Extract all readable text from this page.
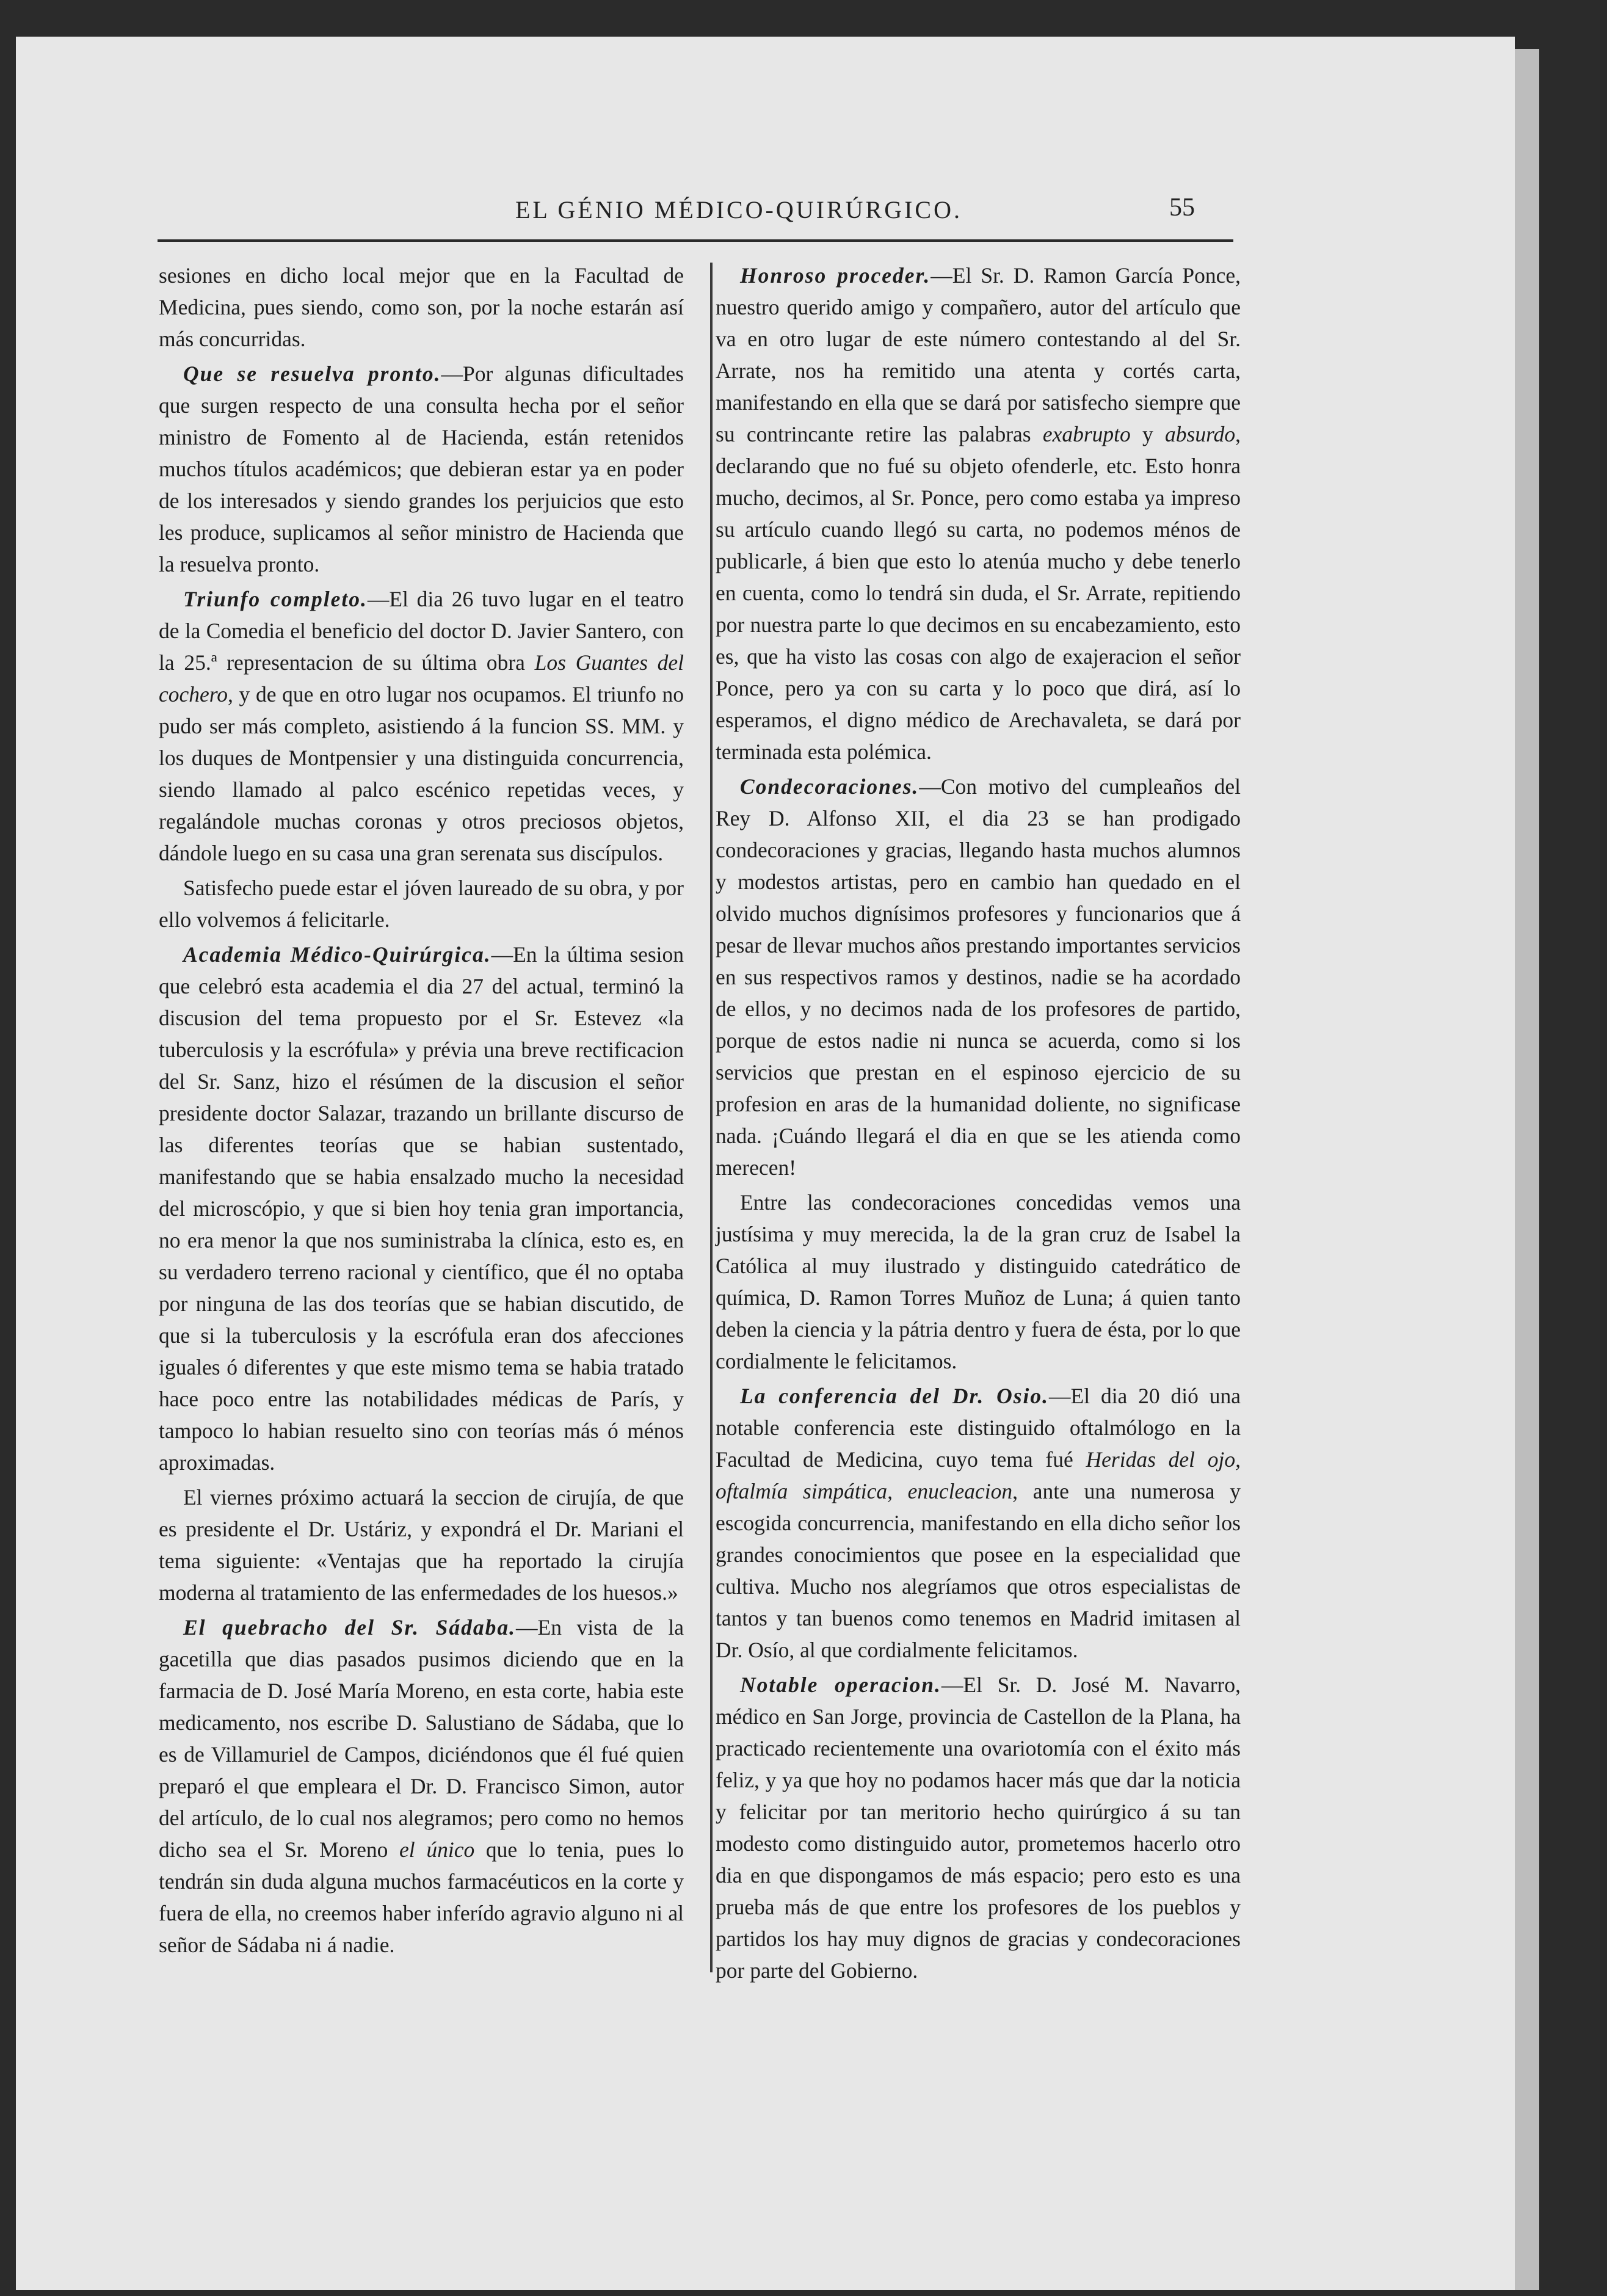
EL GÉNIO MÉDICO-QUIRÚRGICO.	55

sesiones en dicho local mejor que en la Facultad de Medicina, pues siendo, como son, por la noche estarán así más concurridas.

Que se resuelva pronto.—Por algunas dificultades que surgen respecto de una consulta hecha por el señor ministro de Fomento al de Hacienda, están retenidos muchos títulos académicos; que debieran estar ya en poder de los interesados y siendo grandes los perjuicios que esto les produce, suplicamos al señor ministro de Hacienda que la resuelva pronto.

Triunfo completo.—El dia 26 tuvo lugar en el teatro de la Comedia el beneficio del doctor D. Javier Santero, con la 25.ª representacion de su última obra Los Guantes del cochero, y de que en otro lugar nos ocupamos. El triunfo no pudo ser más completo, asistiendo á la funcion SS. MM. y los duques de Montpensier y una distinguida concurrencia, siendo llamado al palco escénico repetidas veces, y regalándole muchas coronas y otros preciosos objetos, dándole luego en su casa una gran serenata sus discípulos.

Satisfecho puede estar el jóven laureado de su obra, y por ello volvemos á felicitarle.

Academia Médico-Quirúrgica.—En la última sesion que celebró esta academia el dia 27 del actual, terminó la discusion del tema propuesto por el Sr. Estevez «la tuberculosis y la escrófula» y prévia una breve rectificacion del Sr. Sanz, hizo el résúmen de la discusion el señor presidente doctor Salazar, trazando un brillante discurso de las diferentes teorías que se habian sustentado, manifestando que se habia ensalzado mucho la necesidad del microscópio, y que si bien hoy tenia gran importancia, no era menor la que nos suministraba la clínica, esto es, en su verdadero terreno racional y científico, que él no optaba por ninguna de las dos teorías que se habian discutido, de que si la tuberculosis y la escrófula eran dos afecciones iguales ó diferentes y que este mismo tema se habia tratado hace poco entre las notabilidades médicas de París, y tampoco lo habian resuelto sino con teorías más ó ménos aproximadas.

El viernes próximo actuará la seccion de cirujía, de que es presidente el Dr. Ustáriz, y expondrá el Dr. Mariani el tema siguiente: «Ventajas que ha reportado la cirujía moderna al tratamiento de las enfermedades de los huesos.»

El quebracho del Sr. Sádaba.—En vista de la gacetilla que dias pasados pusimos diciendo que en la farmacia de D. José María Moreno, en esta corte, habia este medicamento, nos escribe D. Salustiano de Sádaba, que lo es de Villamuriel de Campos, diciéndonos que él fué quien preparó el que empleara el Dr. D. Francisco Simon, autor del artículo, de lo cual nos alegramos; pero como no hemos dicho sea el Sr. Moreno el único que lo tenia, pues lo tendrán sin duda alguna muchos farmacéuticos en la corte y fuera de ella, no creemos haber inferído agravio alguno ni al señor de Sádaba ni á nadie.

Honroso proceder.—El Sr. D. Ramon García Ponce, nuestro querido amigo y compañero, autor del artículo que va en otro lugar de este número contestando al del Sr. Arrate, nos ha remitido una atenta y cortés carta, manifestando en ella que se dará por satisfecho siempre que su contrincante retire las palabras exabrupto y absurdo, declarando que no fué su objeto ofenderle, etc. Esto honra mucho, decimos, al Sr. Ponce, pero como estaba ya impreso su artículo cuando llegó su carta, no podemos ménos de publicarle, á bien que esto lo atenúa mucho y debe tenerlo en cuenta, como lo tendrá sin duda, el Sr. Arrate, repitiendo por nuestra parte lo que decimos en su encabezamiento, esto es, que ha visto las cosas con algo de exajeracion el señor Ponce, pero ya con su carta y lo poco que dirá, así lo esperamos, el digno médico de Arechavaleta, se dará por terminada esta polémica.

Condecoraciones.—Con motivo del cumpleaños del Rey D. Alfonso XII, el dia 23 se han prodigado condecoraciones y gracias, llegando hasta muchos alumnos y modestos artistas, pero en cambio han quedado en el olvido muchos dignísimos profesores y funcionarios que á pesar de llevar muchos años prestando importantes servicios en sus respectivos ramos y destinos, nadie se ha acordado de ellos, y no decimos nada de los profesores de partido, porque de estos nadie ni nunca se acuerda, como si los servicios que prestan en el espinoso ejercicio de su profesion en aras de la humanidad doliente, no significase nada. ¡Cuándo llegará el dia en que se les atienda como merecen!

Entre las condecoraciones concedidas vemos una justísima y muy merecida, la de la gran cruz de Isabel la Católica al muy ilustrado y distinguido catedrático de química, D. Ramon Torres Muñoz de Luna; á quien tanto deben la ciencia y la pátria dentro y fuera de ésta, por lo que cordialmente le felicitamos.

La conferencia del Dr. Osio.—El dia 20 dió una notable conferencia este distinguido oftalmólogo en la Facultad de Medicina, cuyo tema fué Heridas del ojo, oftalmía simpática, enucleacion, ante una numerosa y escogida concurrencia, manifestando en ella dicho señor los grandes conocimientos que posee en la especialidad que cultiva. Mucho nos alegríamos que otros especialistas de tantos y tan buenos como tenemos en Madrid imitasen al Dr. Osío, al que cordialmente felicitamos.

Notable operacion.—El Sr. D. José M. Navarro, médico en San Jorge, provincia de Castellon de la Plana, ha practicado recientemente una ovariotomía con el éxito más feliz, y ya que hoy no podamos hacer más que dar la noticia y felicitar por tan meritorio hecho quirúrgico á su tan modesto como distinguido autor, prometemos hacerlo otro dia en que dispongamos de más espacio; pero esto es una prueba más de que entre los profesores de los pueblos y partidos los hay muy dignos de gracias y condecoraciones por parte del Gobierno.
